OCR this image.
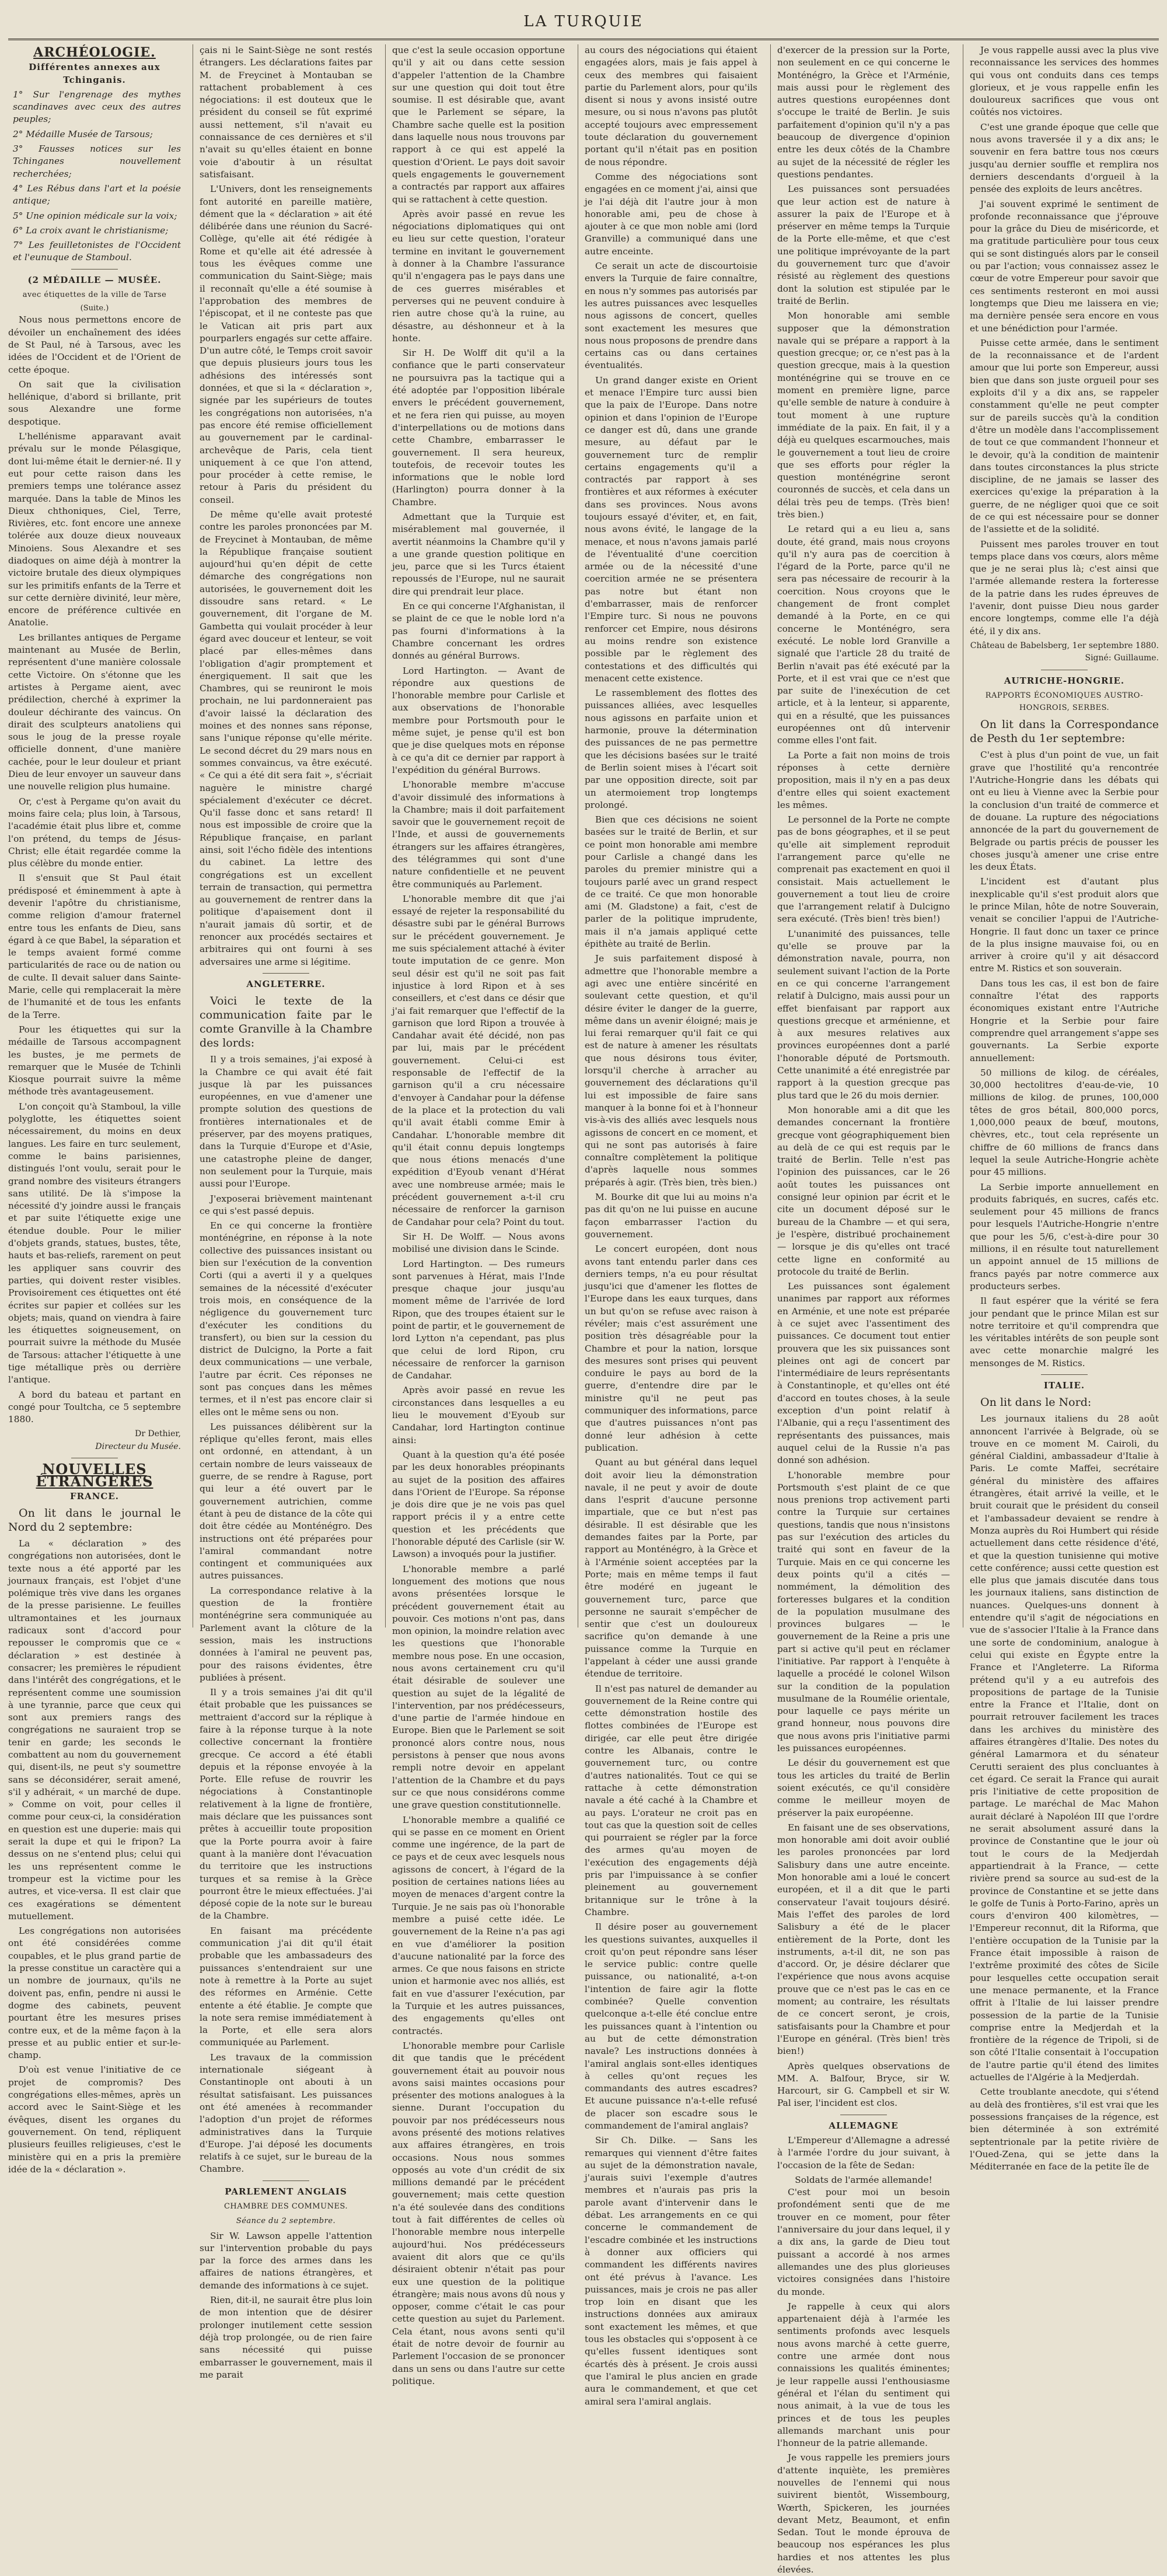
LA TURQUIE
ARCHÉOLOGIE.
Différentes annexes aux Tchinganis.

1° Sur l'engrenage des mythes scandinaves avec ceux des autres peuples;

2° Médaille Musée de Tarsous;

3° Fausses notices sur les Tchinganes nouvellement recherchées;

4° Les Rébus dans l'art et la poésie antique;

5° Une opinion médicale sur la voix;

6° La croix avant le christianisme;

7° Les feuilletonistes de l'Occident et l'eunuque de Stamboul.

(2 MÉDAILLE — MUSÉE.
avec étiquettes de la ville de Tarse
(Suite.)

Nous nous permettons encore de dévoiler un enchaînement des idées de St Paul, né à Tarsous, avec les idées de l'Occident et de l'Orient de cette époque.

On sait que la civilisation hellénique, d'abord si brillante, prit sous Alexandre une forme despotique.

L'hellénisme apparavant avait prévalu sur le monde Pélasgique, dont lui-même était le dernier-né. Il y eut pour cette raison dans les premiers temps une tolérance assez marquée. Dans la table de Minos les Dieux chthoniques, Ciel, Terre, Rivières, etc. font encore une annexe tolérée aux douze dieux nouveaux Minoiens. Sous Alexandre et ses diadoques on aime déjà à montrer la victoire brutale des dieux olympiques sur les primitifs enfants de la Terre et sur cette dernière divinité, leur mère, encore de préférence cultivée en Anatolie.

Les brillantes antiques de Pergame maintenant au Musée de Berlin, représentent d'une manière colossale cette Victoire. On s'étonne que les artistes à Pergame aient, avec prédilection, cherché à exprimer la douleur déchirante des vaincus. On dirait des sculpteurs anatoliens qui sous le joug de la presse royale officielle donnent, d'une manière cachée, pour le leur douleur et priant Dieu de leur envoyer un sauveur dans une nouvelle religion plus humaine.

Or, c'est à Pergame qu'on avait du moins faire cela; plus loin, à Tarsous, l'académie était plus libre et, comme l'on prétend, du temps de Jésus-Christ; elle était regardée comme la plus célèbre du monde entier.

Il s'ensuit que St Paul était prédisposé et éminemment à apte à devenir l'apôtre du christianisme, comme religion d'amour fraternel entre tous les enfants de Dieu, sans égard à ce que Babel, la séparation et le temps avaient formé comme particularités de race ou de nation ou de culte. Il devait saluer dans Sainte-Marie, celle qui remplacerait la mère de l'humanité et de tous les enfants de la Terre.

Pour les étiquettes qui sur la médaille de Tarsous accompagnent les bustes, je me permets de remarquer que le Musée de Tchinli Kiosque pourrait suivre la même méthode très avantageusement.

L'on conçoit qu'à Stamboul, la ville polyglotte, les étiquettes soient nécessairement, du moins en deux langues. Les faire en turc seulement, comme le bains parisiennes, distingués l'ont voulu, serait pour le grand nombre des visiteurs étrangers sans utilité. De là s'impose la nécessité d'y joindre aussi le français et par suite l'étiquette exige une étendue double. Pour le milier d'objets grands, statues, bustes, tête, hauts et bas-reliefs, rarement on peut les appliquer sans couvrir des parties, qui doivent rester visibles. Provisoirement ces étiquettes ont été écrites sur papier et collées sur les objets; mais, quand on viendra à faire les étiquettes soigneusement, on pourrait suivre la méthode du Musée de Tarsous: attacher l'étiquette à une tige métallique près ou derrière l'antique.

A bord du bateau et partant en congé pour Toultcha, ce 5 septembre 1880.

Dr Dethier,
Directeur du Musée.
NOUVELLES ÉTRANGÈRES
FRANCE.
On lit dans le journal le Nord du 2 septembre:

La « déclaration » des congrégations non autorisées, dont le texte nous a été apporté par les journaux français, est l'objet d'une polémique très vive dans les organes de la presse parisienne. Le feuilles ultramontaines et les journaux radicaux sont d'accord pour repousser le compromis que ce « déclaration » est destinée à consacrer; les premières le répudient dans l'intérêt des congrégations, et le représentent comme une soumission à une tyrannie, parce que ceux qui sont aux premiers rangs des congrégations ne sauraient trop se tenir en garde; les seconds le combattent au nom du gouvernement qui, disent-ils, ne peut s'y soumettre sans se déconsidérer, serait amené, s'il y adhérait, « un marché de dupe. » Comme on voit, pour celles il comme pour ceux-ci, la considération en question est une duperie: mais qui serait la dupe et qui le fripon? La dessus on ne s'entend plus; celui qui les uns représentent comme le trompeur est la victime pour les autres, et vice-versa. Il est clair que ces exagérations se démentent mutuellement.

Les congrégations non autorisées ont été considérées comme coupables, et le plus grand partie de la presse constitue un caractère qui a un nombre de journaux, qu'ils ne doivent pas, enfin, pendre ni aussi le dogme des cabinets, peuvent pourtant être les mesures prises contre eux, et de la même façon à la presse et au public entier et sur-le-champ.

D'où est venue l'initiative de ce projet de compromis? Des congrégations elles-mêmes, après un accord avec le Saint-Siège et les évêques, disent les organes du gouvernement. On tend, répliquent plusieurs feuilles religieuses, c'est le ministère qui en a pris la première idée de la « déclaration ».

çais ni le Saint-Siège ne sont restés étrangers. Les déclarations faites par M. de Freycinet à Montauban se rattachent probablement à ces négociations: il est douteux que le président du conseil se fût exprimé aussi nettement, s'il n'avait eu connaissance de ces dernières et s'il n'avait su qu'elles étaient en bonne voie d'aboutir à un résultat satisfaisant.

L'Univers, dont les renseignements font autorité en pareille matière, dément que la « déclaration » ait été délibérée dans une réunion du Sacré-Collège, qu'elle ait été rédigée à Rome et qu'elle ait été adressée à tous les évêques comme une communication du Saint-Siège; mais il reconnaît qu'elle a été soumise à l'approbation des membres de l'épiscopat, et il ne conteste pas que le Vatican ait pris part aux pourparlers engagés sur cette affaire. D'un autre côté, le Temps croit savoir que depuis plusieurs jours tous les adhésions des intéressés sont données, et que si la « déclaration », signée par les supérieurs de toutes les congrégations non autorisées, n'a pas encore été remise officiellement au gouvernement par le cardinal-archevêque de Paris, cela tient uniquement à ce que l'on attend, pour procéder à cette remise, le retour à Paris du président du conseil.

De même qu'elle avait protesté contre les paroles prononcées par M. de Freycinet à Montauban, de même la République française soutient aujourd'hui qu'en dépit de cette démarche des congrégations non autorisées, le gouvernement doit les dissoudre sans retard. « Le gouvernement, dit l'organe de M. Gambetta qui voulait procéder à leur égard avec douceur et lenteur, se voit placé par elles-mêmes dans l'obligation d'agir promptement et énergiquement. Il sait que les Chambres, qui se reuniront le mois prochain, ne lui pardonneraient pas d'avoir laissé la déclaration des moines et des nonnes sans réponse, sans l'unique réponse qu'elle mérite. Le second décret du 29 mars nous en sommes convaincus, va être exécuté. « Ce qui a été dit sera fait », s'écriait naguère le ministre chargé spécialement d'exécuter ce décret. Qu'il fasse donc et sans retard! Il nous est impossible de croire que la République française, en parlant ainsi, soit l'écho fidèle des intentions du cabinet. La lettre des congrégations est un excellent terrain de transaction, qui permettra au gouvernement de rentrer dans la politique d'apaisement dont il n'aurait jamais dû sortir, et de renoncer aux procédés sectaires et arbitraires qui ont fourni à ses adversaires une arme si légitime.

ANGLETERRE.
Voici le texte de la communication faite par le comte Granville à la Chambre des lords:

Il y a trois semaines, j'ai exposé à la Chambre ce qui avait été fait jusque là par les puissances européennes, en vue d'amener une prompte solution des questions de frontières internationales et de préserver, par des moyens pratiques, dans la Turquie d'Europe et d'Asie, une catastrophe pleine de danger, non seulement pour la Turquie, mais aussi pour l'Europe.

J'exposerai brièvement maintenant ce qui s'est passé depuis.

En ce qui concerne la frontière monténégrine, en réponse à la note collective des puissances insistant ou bien sur l'exécution de la convention Corti (qui a averti il y a quelques semaines de la nécessité d'exécuter trois mois, en conséquence de la négligence du gouvernement turc d'exécuter les conditions du transfert), ou bien sur la cession du district de Dulcigno, la Porte a fait deux communications — une verbale, l'autre par écrit. Ces réponses ne sont pas conçues dans les mêmes termes, et il n'est pas encore clair si elles ont le même sens ou non.

Les puissances délibèrent sur la réplique qu'elles feront, mais elles ont ordonné, en attendant, à un certain nombre de leurs vaisseaux de guerre, de se rendre à Raguse, port qui leur a été ouvert par le gouvernement autrichien, comme étant à peu de distance de la côte qui doit être cédée au Monténégro. Des instructions ont été préparées pour l'amiral commandant notre contingent et communiquées aux autres puissances.

La correspondance relative à la question de la frontière monténégrine sera communiquée au Parlement avant la clôture de la session, mais les instructions données à l'amiral ne peuvent pas, pour des raisons évidentes, être publiées à présent.

Il y a trois semaines j'ai dit qu'il était probable que les puissances se mettraient d'accord sur la réplique à faire à la réponse turque à la note collective concernant la frontière grecque. Ce accord a été établi depuis et la réponse envoyée à la Porte. Elle refuse de rouvrir les négociations à Constantinople relativement à la ligne de frontière, mais déclare que les puissances sont prêtes à accueillir toute proposition que la Porte pourra avoir à faire quant à la manière dont l'évacuation du territoire que les instructions turques et sa remise à la Grèce pourront être le mieux effectuées. J'ai déposé copie de la note sur le bureau de la Chambre.

En faisant ma précédente communication j'ai dit qu'il était probable que les ambassadeurs des puissances s'entendraient sur une note à remettre à la Porte au sujet des réformes en Arménie. Cette entente a été établie. Je compte que la note sera remise immédiatement à la Porte, et elle sera alors communiquée au Parlement.

Les travaux de la commission internationale siégeant à Constantinople ont abouti à un résultat satisfaisant. Les puissances ont été amenées à recommander l'adoption d'un projet de réformes administratives dans la Turquie d'Europe. J'ai déposé les documents relatifs à ce sujet, sur le bureau de la Chambre.

PARLEMENT ANGLAIS
CHAMBRE DES COMMUNES.
Séance du 2 septembre.

Sir W. Lawson appelle l'attention sur l'intervention probable du pays par la force des armes dans les affaires de nations étrangères, et demande des informations à ce sujet.

Rien, dit-il, ne saurait être plus loin de mon intention que de désirer prolonger inutilement cette session déjà trop prolongée, ou de rien faire sans nécessité qui puisse embarrasser le gouvernement, mais il me parait

que c'est la seule occasion opportune qu'il y ait ou dans cette session d'appeler l'attention de la Chambre sur une question qui doit tout être soumise. Il est désirable que, avant que le Parlement se sépare, la Chambre sache quelle est la position dans laquelle nous nous trouvons par rapport à ce qui est appelé la question d'Orient. Le pays doit savoir quels engagements le gouvernement a contractés par rapport aux affaires qui se rattachent à cette question.

Après avoir passé en revue les négociations diplomatiques qui ont eu lieu sur cette question, l'orateur termine en invitant le gouvernement à donner à la Chambre l'assurance qu'il n'engagera pas le pays dans une de ces guerres misérables et perverses qui ne peuvent conduire à rien autre chose qu'à la ruine, au désastre, au déshonneur et à la honte.

Sir H. De Wolff dit qu'il a la confiance que le parti conservateur ne poursuivra pas la tactique qui a été adoptée par l'opposition libérale envers le précédent gouvernement, et ne fera rien qui puisse, au moyen d'interpellations ou de motions dans cette Chambre, embarrasser le gouvernement. Il sera heureux, toutefois, de recevoir toutes les informations que le noble lord (Harlington) pourra donner à la Chambre.

Admettant que la Turquie est misérablement mal gouvernée, il avertit néanmoins la Chambre qu'il y a une grande question politique en jeu, parce que si les Turcs étaient repoussés de l'Europe, nul ne saurait dire qui prendrait leur place.

En ce qui concerne l'Afghanistan, il se plaint de ce que le noble lord n'a pas fourni d'informations à la Chambre concernant les ordres donnés au général Burrows.

Lord Hartington. — Avant de répondre aux questions de l'honorable membre pour Carlisle et aux observations de l'honorable membre pour Portsmouth pour le même sujet, je pense qu'il est bon que je dise quelques mots en réponse à ce qu'a dit ce dernier par rapport à l'expédition du général Burrows.

L'honorable membre m'accuse d'avoir dissimulé des informations à la Chambre; mais il doit parfaitement savoir que le gouvernement reçoit de l'Inde, et aussi de gouvernements étrangers sur les affaires étrangères, des télégrammes qui sont d'une nature confidentielle et ne peuvent être communiqués au Parlement.

L'honorable membre dit que j'ai essayé de rejeter la responsabilité du désastre subi par le général Burrows sur le précédent gouvernement. Je me suis spécialement attaché à éviter toute imputation de ce genre. Mon seul désir est qu'il ne soit pas fait injustice à lord Ripon et à ses conseillers, et c'est dans ce désir que j'ai fait remarquer que l'effectif de la garnison que lord Ripon a trouvée à Candahar avait été décidé, non pas par lui, mais par le précédent gouvernement. Celui-ci est responsable de l'effectif de la garnison qu'il a cru nécessaire d'envoyer à Candahar pour la défense de la place et la protection du vali qu'il avait établi comme Emir à Candahar. L'honorable membre dit qu'il était connu depuis longtemps que nous étions menacés d'une expédition d'Eyoub venant d'Hérat avec une nombreuse armée; mais le précédent gouvernement a-t-il cru nécessaire de renforcer la garnison de Candahar pour cela? Point du tout.

Sir H. De Wolff. — Nous avons mobilisé une division dans le Scinde.

Lord Hartington. — Des rumeurs sont parvenues à Hérat, mais l'Inde presque chaque jour jusqu'au moment même de l'arrivée de lord Ripon, que des troupes étaient sur le point de partir, et le gouvernement de lord Lytton n'a cependant, pas plus que celui de lord Ripon, cru nécessaire de renforcer la garnison de Candahar.

Après avoir passé en revue les circonstances dans lesquelles a eu lieu le mouvement d'Eyoub sur Candahar, lord Hartington continue ainsi:

Quant à la question qu'a été posée par les deux honorables préopinants au sujet de la position des affaires dans l'Orient de l'Europe. Sa réponse je dois dire que je ne vois pas quel rapport précis il y a entre cette question et les précédents que l'honorable député des Carlisle (sir W. Lawson) a invoqués pour la justifier.

L'honorable membre a parlé longuement des motions que nous avons présentées lorsque le précédent gouvernement était au pouvoir. Ces motions n'ont pas, dans mon opinion, la moindre relation avec les questions que l'honorable membre nous pose. En une occasion, nous avons certainement cru qu'il était désirable de soulever une question au sujet de la légalité de l'intervention, par nos prédécesseurs, d'une partie de l'armée hindoue en Europe. Bien que le Parlement se soit prononcé alors contre nous, nous persistons à penser que nous avons rempli notre devoir en appelant l'attention de la Chambre et du pays sur ce que nous considérons comme une grave question constitutionnelle.

L'honorable membre a qualifié ce qui se passe en ce moment en Orient comme une ingérence, de la part de ce pays et de ceux avec lesquels nous agissons de concert, à l'égard de la position de certaines nations liées au moyen de menaces d'argent contre la Turquie. Je ne sais pas où l'honorable membre a puisé cette idée. Le gouvernement de la Reine n'a pas agi en vue d'améliorer la position d'aucune nationalité par la force des armes. Ce que nous faisons en stricte union et harmonie avec nos alliés, est fait en vue d'assurer l'exécution, par la Turquie et les autres puissances, des engagements qu'elles ont contractés.

L'honorable membre pour Carlisle dit que tandis que le précédent gouvernement était au pouvoir nous avons saisi maintes occasions pour présenter des motions analogues à la sienne. Durant l'occupation du pouvoir par nos prédécesseurs nous avons présenté des motions relatives aux affaires étrangères, en trois occasions. Nous nous sommes opposés au vote d'un crédit de six millions demandé par le précédent gouvernement; mais cette question n'a été soulevée dans des conditions tout à fait différentes de celles où l'honorable membre nous interpelle aujourd'hui. Nos prédécesseurs avaient dit alors que ce qu'ils désiraient obtenir n'était pas pour eux une question de la politique étrangère; mais nous avons dû nous y opposer, comme c'était le cas pour cette question au sujet du Parlement. Cela étant, nous avons senti qu'il était de notre devoir de fournir au Parlement l'occasion de se prononcer dans un sens ou dans l'autre sur cette politique.

au cours des négociations qui étaient engagées alors, mais je fais appel à ceux des membres qui faisaient partie du Parlement alors, pour qu'ils disent si nous y avons insisté outre mesure, ou si nous n'avons pas plutôt accepté toujours avec empressement toute déclaration du gouvernement portant qu'il n'était pas en position de nous répondre.

Comme des négociations sont engagées en ce moment j'ai, ainsi que je l'ai déjà dit l'autre jour à mon honorable ami, peu de chose à ajouter à ce que mon noble ami (lord Granville) a communiqué dans une autre enceinte.

Ce serait un acte de discourtoisie envers la Turquie de faire connaître, en nous n'y sommes pas autorisés par les autres puissances avec lesquelles nous agissons de concert, quelles sont exactement les mesures que nous nous proposons de prendre dans certains cas ou dans certaines éventualités.

Un grand danger existe en Orient et menace l'Empire turc aussi bien que la paix de l'Europe. Dans notre opinion et dans l'opinion de l'Europe ce danger est dû, dans une grande mesure, au défaut par le gouvernement turc de remplir certains engagements qu'il a contractés par rapport à ses frontières et aux réformes à exécuter dans ses provinces. Nous avons toujours essayé d'éviter, et, en fait, nous avons évité, le langage de la menace, et nous n'avons jamais parlé de l'éventualité d'une coercition armée ou de la nécessité d'une coercition armée ne se présentera pas notre but étant non d'embarrasser, mais de renforcer l'Empire turc. Si nous ne pouvons renforcer cet Empire, nous désirons au moins rendre son existence possible par le règlement des contestations et des difficultés qui menacent cette existence.

Le rassemblement des flottes des puissances alliées, avec lesquelles nous agissons en parfaite union et harmonie, prouve la détermination des puissances de ne pas permettre que les décisions basées sur le traité de Berlin soient mises à l'écart soit par une opposition directe, soit par un atermoiement trop longtemps prolongé.

Bien que ces décisions ne soient basées sur le traité de Berlin, et sur ce point mon honorable ami membre pour Carlisle a changé dans les paroles du premier ministre qui a toujours parlé avec un grand respect de ce traité. Ce que mon honorable ami (M. Gladstone) a fait, c'est de parler de la politique imprudente, mais il n'a jamais appliqué cette épithète au traité de Berlin.

Je suis parfaitement disposé à admettre que l'honorable membre a agi avec une entière sincérité en soulevant cette question, et qu'il désire éviter le danger de la guerre, même dans un avenir éloigné; mais je lui ferai remarquer qu'il fait ce qui est de nature à amener les résultats que nous désirons tous éviter, lorsqu'il cherche à arracher au gouvernement des déclarations qu'il lui est impossible de faire sans manquer à la bonne foi et à l'honneur vis-à-vis des alliés avec lesquels nous agissons de concert en ce moment, et qui ne sont pas autorisés à faire connaître complètement la politique d'après laquelle nous sommes préparés à agir. (Très bien, très bien.)

M. Bourke dit que lui au moins n'a pas dit qu'on ne lui puisse en aucune façon embarrasser l'action du gouvernement.

Le concert européen, dont nous avons tant entendu parler dans ces derniers temps, n'a eu pour résultat jusqu'ici que d'amener les flottes de l'Europe dans les eaux turques, dans un but qu'on se refuse avec raison à révéler; mais c'est assurément une position très désagréable pour la Chambre et pour la nation, lorsque des mesures sont prises qui peuvent conduire le pays au bord de la guerre, d'entendre dire par le ministre qu'il ne peut pas communiquer des informations, parce que d'autres puissances n'ont pas donné leur adhésion à cette publication.

Quant au but général dans lequel doit avoir lieu la démonstration navale, il ne peut y avoir de doute dans l'esprit d'aucune personne impartiale, que ce but n'est pas désirable. Il est désirable que les demandes faites par la Porte, par rapport au Monténégro, à la Grèce et à l'Arménie soient acceptées par la Porte; mais en même temps il faut être modéré en jugeant le gouvernement turc, parce que personne ne saurait s'empêcher de sentir que c'est un douloureux sacrifice qu'on demande à une puissance comme la Turquie en l'appelant à céder une aussi grande étendue de territoire.

Il n'est pas naturel de demander au gouvernement de la Reine contre qui cette démonstration hostile des flottes combinées de l'Europe est dirigée, car elle peut être dirigée contre les Albanais, contre le gouvernement turc, ou contre d'autres nationalités. Tout ce qui se rattache à cette démonstration navale a été caché à la Chambre et au pays. L'orateur ne croit pas en tout cas que la question soit de celles qui pourraient se régler par la force des armes qu'au moyen de l'exécution des engagements déjà pris par l'impuissance à se confier pleinement au gouvernement britannique sur le trône à la Chambre.

Il désire poser au gouvernement les questions suivantes, auxquelles il croit qu'on peut répondre sans léser le service public: contre quelle puissance, ou nationalité, a-t-on l'intention de faire agir la flotte combinée? Quelle convention quelconque a-t-elle été conclue entre les puissances quant à l'intention ou au but de cette démonstration navale? Les instructions données à l'amiral anglais sont-elles identiques à celles qu'ont reçues les commandants des autres escadres? Et aucune puissance n'a-t-elle refusé de placer son escadre sous le commandement de l'amiral anglais?

Sir Ch. Dilke. — Sans les remarques qui viennent d'être faites au sujet de la démonstration navale, j'aurais suivi l'exemple d'autres membres et n'aurais pas pris la parole avant d'intervenir dans le débat. Les arrangements en ce qui concerne le commandement de l'escadre combinée et les instructions à donner aux officiers qui commandent les différents navires ont été prévus à l'avance. Les puissances, mais je crois ne pas aller trop loin en disant que les instructions données aux amiraux sont exactement les mêmes, et que tous les obstacles qui s'opposent à ce qu'elles fussent identiques sont écartés dès à présent. Je crois aussi que l'amiral le plus ancien en grade aura le commandement, et que cet amiral sera l'amiral anglais.

d'exercer de la pression sur la Porte, non seulement en ce qui concerne le Monténégro, la Grèce et l'Arménie, mais aussi pour le règlement des autres questions européennes dont s'occupe le traité de Berlin. Je suis parfaitement d'opinion qu'il n'y a pas beaucoup de divergence d'opinion entre les deux côtés de la Chambre au sujet de la nécessité de régler les questions pendantes.

Les puissances sont persuadées que leur action est de nature à assurer la paix de l'Europe et à préserver en même temps la Turquie de la Porte elle-même, et que c'est une politique imprévoyante de la part du gouvernement turc que d'avoir résisté au règlement des questions dont la solution est stipulée par le traité de Berlin.

Mon honorable ami semble supposer que la démonstration navale qui se prépare a rapport à la question grecque; or, ce n'est pas à la question grecque, mais à la question monténégrine qui se trouve en ce moment en première ligne, parce qu'elle semble de nature à conduire à tout moment à une rupture immédiate de la paix. En fait, il y a déjà eu quelques escarmouches, mais le gouvernement a tout lieu de croire que ses efforts pour régler la question monténégrine seront couronnés de succès, et cela dans un délai très peu de temps. (Très bien! très bien.)

Le retard qui a eu lieu a, sans doute, été grand, mais nous croyons qu'il n'y aura pas de coercition à l'égard de la Porte, parce qu'il ne sera pas nécessaire de recourir à la coercition. Nous croyons que le changement de front complet demandé à la Porte, en ce qui concerne le Monténégro, sera exécuté. Le noble lord Granville a signalé que l'article 28 du traité de Berlin n'avait pas été exécuté par la Porte, et il est vrai que ce n'est que par suite de l'inexécution de cet article, et à la lenteur, si apparente, qui en a résulté, que les puissances européennes ont dû intervenir comme elles l'ont fait.

La Porte a fait non moins de trois réponses à cette dernière proposition, mais il n'y en a pas deux d'entre elles qui soient exactement les mêmes.

Le personnel de la Porte ne compte pas de bons géographes, et il se peut qu'elle ait simplement reproduit l'arrangement parce qu'elle ne comprenait pas exactement en quoi il consistait. Mais actuellement le gouvernement a tout lieu de croire que l'arrangement relatif à Dulcigno sera exécuté. (Très bien! très bien!)

L'unanimité des puissances, telle qu'elle se prouve par la démonstration navale, pourra, non seulement suivant l'action de la Porte en ce qui concerne l'arrangement relatif à Dulcigno, mais aussi pour un effet bienfaisant par rapport aux questions grecque et arménienne, et à aux mesures relatives aux provinces européennes dont a parlé l'honorable député de Portsmouth. Cette unanimité a été enregistrée par rapport à la question grecque pas plus tard que le 26 du mois dernier.

Mon honorable ami a dit que les demandes concernant la frontière grecque vont géographiquement bien au delà de ce qui est requis par le traité de Berlin. Telle n'est pas l'opinion des puissances, car le 26 août toutes les puissances ont consigné leur opinion par écrit et le cite un document déposé sur le bureau de la Chambre — et qui sera, je l'espère, distribué prochainement — lorsque je dis qu'elles ont tracé cette ligne en conformité au protocole du traité de Berlin.

Les puissances sont également unanimes par rapport aux réformes en Arménie, et une note est préparée à ce sujet avec l'assentiment des puissances. Ce document tout entier prouvera que les six puissances sont pleines ont agi de concert par l'intermédiaire de leurs représentants à Constantinople, et qu'elles ont été d'accord en toutes choses, à la seule exception d'un point relatif à l'Albanie, qui a reçu l'assentiment des représentants des puissances, mais auquel celui de la Russie n'a pas donné son adhésion.

L'honorable membre pour Portsmouth s'est plaint de ce que nous prenions trop activement parti contre la Turquie sur certaines questions, tandis que nous n'insistons pas sur l'exécution des articles du traité qui sont en faveur de la Turquie. Mais en ce qui concerne les deux points qu'il a cités — nommément, la démolition des forteresses bulgares et la condition de la population musulmane des provinces bulgares — le gouvernement de la Reine a pris une part si active qu'il peut en réclamer l'initiative. Par rapport à l'enquête à laquelle a procédé le colonel Wilson sur la condition de la population musulmane de la Roumélie orientale, pour laquelle ce pays mérite un grand honneur, nous pouvons dire que nous avons pris l'initiative parmi les puissances européennes.

Le désir du gouvernement est que tous les articles du traité de Berlin soient exécutés, ce qu'il considère comme le meilleur moyen de préserver la paix européenne.

En faisant une de ses observations, mon honorable ami doit avoir oublié les paroles prononcées par lord Salisbury dans une autre enceinte. Mon honorable ami a loué le concert européen, et il a dit que le parti conservateur l'avait toujours désiré. Mais l'effet des paroles de lord Salisbury a été de le placer entièrement de la Porte, dont les instruments, a-t-il dit, ne son pas d'accord. Or, je désire déclarer que l'expérience que nous avons acquise prouve que ce n'est pas le cas en ce moment; au contraire, les résultats de ce concert seront, je crois, satisfaisants pour la Chambre et pour l'Europe en général. (Très bien! très bien!)

Après quelques observations de MM. A. Balfour, Bryce, sir W. Harcourt, sir G. Campbell et sir W. Pal iser, l'incident est clos.

ALLEMAGNE

L'Empereur d'Allemagne a adressé à l'armée l'ordre du jour suivant, à l'occasion de la fête de Sedan:

Soldats de l'armée allemande!

C'est pour moi un besoin profondément senti que de me trouver en ce moment, pour fêter l'anniversaire du jour dans lequel, il y a dix ans, la garde de Dieu tout puissant a accordé à nos armes allemandes une des plus glorieuses victoires consignées dans l'histoire du monde.

Je rappelle à ceux qui alors appartenaient déjà à l'armée les sentiments profonds avec lesquels nous avons marché à cette guerre, contre une armée dont nous connaissions les qualités éminentes; je leur rappelle aussi l'enthousiasme général et l'élan du sentiment qui nous animait, à la vue de tous les princes et de tous les peuples allemands marchant unis pour l'honneur de la patrie allemande.

Je vous rappelle les premiers jours d'attente inquiète, les premières nouvelles de l'ennemi qui nous suivirent bientôt, Wissembourg, Wœrth, Spickeren, les journées devant Metz, Beaumont, et enfin Sedan. Tout le monde éprouva de beaucoup nos espérances les plus hardies et nos attentes les plus élevées.

Je vous rappelle aussi avec la plus vive reconnaissance les services des hommes qui vous ont conduits dans ces temps glorieux, et je vous rappelle enfin les douloureux sacrifices que vous ont coûtés nos victoires.

C'est une grande époque que celle que nous avons traversée il y a dix ans; le souvenir en fera battre tous nos cœurs jusqu'au dernier souffle et remplira nos derniers descendants d'orgueil à la pensée des exploits de leurs ancêtres.

J'ai souvent exprimé le sentiment de profonde reconnaissance que j'éprouve pour la grâce du Dieu de miséricorde, et ma gratitude particulière pour tous ceux qui se sont distingués alors par le conseil ou par l'action; vous connaissez assez le cœur de votre Empereur pour savoir que ces sentiments resteront en moi aussi longtemps que Dieu me laissera en vie; ma dernière pensée sera encore en vous et une bénédiction pour l'armée.

Puisse cette armée, dans le sentiment de la reconnaissance et de l'ardent amour que lui porte son Empereur, aussi bien que dans son juste orgueil pour ses exploits d'il y a dix ans, se rappeler constamment qu'elle ne peut compter sur de pareils succès qu'à la condition d'être un modèle dans l'accomplissement de tout ce que commandent l'honneur et le devoir, qu'à la condition de maintenir dans toutes circonstances la plus stricte discipline, de ne jamais se lasser des exercices qu'exige la préparation à la guerre, de ne négliger quoi que ce soit de ce qui est nécessaire pour se donner de l'assiette et de la solidité.

Puissent mes paroles trouver en tout temps place dans vos cœurs, alors même que je ne serai plus là; c'est ainsi que l'armée allemande restera la forteresse de la patrie dans les rudes épreuves de l'avenir, dont puisse Dieu nous garder encore longtemps, comme elle l'a déjà été, il y dix ans.

Château de Babelsberg, 1er septembre 1880.
Signé: Guillaume.
AUTRICHE-HONGRIE.
RAPPORTS ÉCONOMIQUES AUSTRO-HONGROIS, SERBES.
On lit dans la Correspondance de Pesth du 1er septembre:

C'est à plus d'un point de vue, un fait grave que l'hostilité qu'a rencontrée l'Autriche-Hongrie dans les débats qui ont eu lieu à Vienne avec la Serbie pour la conclusion d'un traité de commerce et de douane. La rupture des négociations annoncée de la part du gouvernement de Belgrade ou partis précis de pousser les choses jusqu'à amener une crise entre les deux États.

L'incident est d'autant plus inexplicable qu'il s'est produit alors que le prince Milan, hôte de notre Souverain, venait se concilier l'appui de l'Autriche-Hongrie. Il faut donc un taxer ce prince de la plus insigne mauvaise foi, ou en arriver à croire qu'il y ait désaccord entre M. Ristics et son souverain.

Dans tous les cas, il est bon de faire connaître l'état des rapports économiques existant entre l'Autriche Hongrie et la Serbie pour faire comprendre quel arrangement s'appe ses gouvernants. La Serbie exporte annuellement:

50 millions de kilog. de céréales, 30,000 hectolitres d'eau-de-vie, 10 millions de kilog. de prunes, 100,000 têtes de gros bétail, 800,000 porcs, 1,000,000 peaux de bœuf, moutons, chèvres, etc., tout cela représente un chiffre de 60 millions de francs dans lequel la seule Autriche-Hongrie achète pour 45 millions.

La Serbie importe annuellement en produits fabriqués, en sucres, cafés etc. seulement pour 45 millions de francs pour lesquels l'Autriche-Hongrie n'entre que pour les 5/6, c'est-à-dire pour 30 millions, il en résulte tout naturellement un appoint annuel de 15 millions de francs payés par notre commerce aux producteurs serbes.

Il faut espérer que la vérité se fera jour pendant que le prince Milan est sur notre territoire et qu'il comprendra que les véritables intérêts de son peuple sont avec cette monarchie malgré les mensonges de M. Ristics.

ITALIE.
On lit dans le Nord:

Les journaux italiens du 28 août annoncent l'arrivée à Belgrade, où se trouve en ce moment M. Cairoli, du général Cialdini, ambassadeur d'Italie à Paris. Le comte Maffei, secrétaire général du ministère des affaires étrangères, était arrivé la veille, et le bruit courait que le président du conseil et l'ambassadeur devaient se rendre à Monza auprès du Roi Humbert qui réside actuellement dans cette résidence d'été, et que la question tunisienne qui motive cette conférence; aussi cette question est elle plus que jamais discutée dans tous les journaux italiens, sans distinction de nuances. Quelques-uns donnent à entendre qu'il s'agit de négociations en vue de s'associer l'Italie à la France dans une sorte de condominium, analogue à celui qui existe en Égypte entre la France et l'Angleterre. La Riforma prétend qu'il y a eu autrefois des propositions de partage de la Tunisie entre la France et l'Italie, dont on pourrait retrouver facilement les traces dans les archives du ministère des affaires étrangères d'Italie. Des notes du général Lamarmora et du sénateur Cerutti seraient des plus concluantes à cet égard. Ce serait la France qui aurait pris l'initiative de cette proposition de partage. Le maréchal de Mac Mahon aurait déclaré à Napoléon III que l'ordre ne serait absolument assuré dans la province de Constantine que le jour où tout le cours de la Medjerdah appartiendrait à la France, — cette rivière prend sa source au sud-est de la province de Constantine et se jette dans le golfe de Tunis à Porto-Farino, après un cours d'environ 400 kilomètres, — l'Empereur reconnut, dit la Riforma, que l'entière occupation de la Tunisie par la France était impossible à raison de l'extrême proximité des côtes de Sicile pour lesquelles cette occupation serait une menace permanente, et la France offrit à l'Italie de lui laisser prendre possession de la partie de la Tunisie comprise entre la Medjerdah et la frontière de la régence de Tripoli, si de son côté l'Italie consentait à l'occupation de l'autre partie qu'il étend des limites actuelles de l'Algérie à la Medjerdah.

Cette troublante anecdote, qui s'étend au delà des frontières, s'il est vrai que les possessions françaises de la régence, est bien déterminée à son extrémité septentrionale par la petite rivière de l'Oued-Zena, qui se jette dans la Méditerranée en face de la petite île de
